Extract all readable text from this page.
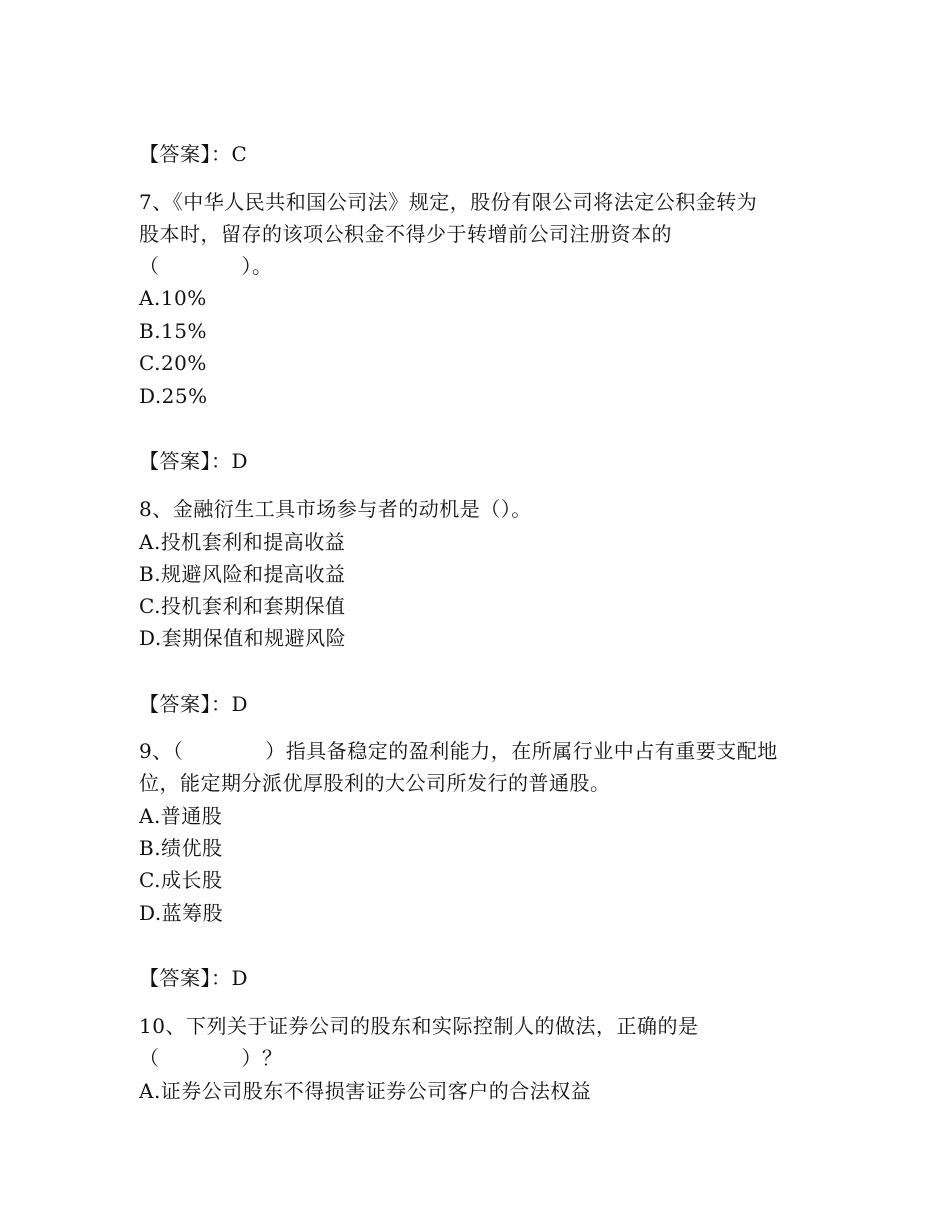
【答案】：C
7、《中华人民共和国公司法》规定，股份有限公司将法定公积金转为
股本时，留存的该项公积金不得少于转增前公司注册资本的
（　　　　）。
A.10%
B.15%
C.20%
D.25%
【答案】：D
8、金融衍生工具市场参与者的动机是（）。
A.投机套利和提高收益
B.规避风险和提高收益
C.投机套利和套期保值
D.套期保值和规避风险
【答案】：D
9、（　　　　）指具备稳定的盈利能力，在所属行业中占有重要支配地
位，能定期分派优厚股利的大公司所发行的普通股。
A.普通股
B.绩优股
C.成长股
D.蓝筹股
【答案】：D
10、下列关于证券公司的股东和实际控制人的做法，正确的是
（　　　　）？
A.证券公司股东不得损害证券公司客户的合法权益
